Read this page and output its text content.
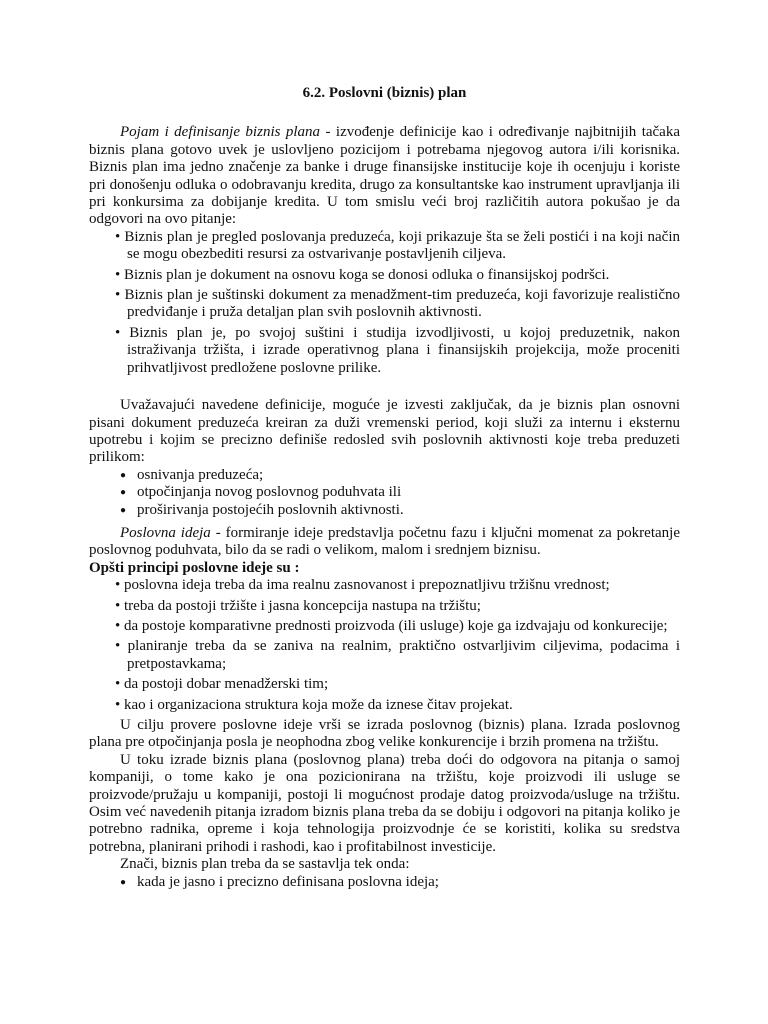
6.2. Poslovni (biznis) plan

Pojam i definisanje biznis plana - izvođenje definicije kao i određivanje najbitnijih tačaka biznis plana gotovo uvek je uslovljeno pozicijom i potrebama njegovog autora i/ili korisnika. Biznis plan ima jedno značenje za banke i druge finansijske institucije koje ih ocenjuju i koriste pri donošenju odluka o odobravanju kredita, drugo za konsultantske kao instrument upravljanja ili pri konkursima za dobijanje kredita. U tom smislu veći broj različitih autora pokušao je da odgovori na ovo pitanje:

• Biznis plan je pregled poslovanja preduzeća, koji prikazuje šta se želi postići i na koji način se mogu obezbediti resursi za ostvarivanje postavljenih ciljeva.
• Biznis plan je dokument na osnovu koga se donosi odluka o finansijskoj podršci.
• Biznis plan je suštinski dokument za menadžment-tim preduzeća, koji favorizuje realistično predviđanje i pruža detaljan plan svih poslovnih aktivnosti.
• Biznis plan je, po svojoj suštini i studija izvodljivosti, u kojoj preduzetnik, nakon istraživanja tržišta, i izrade operativnog plana i finansijskih projekcija, može proceniti prihvatljivost predložene poslovne prilike.

Uvažavajući navedene definicije, moguće je izvesti zaključak, da je biznis plan osnovni pisani dokument preduzeća kreiran za duži vremenski period, koji služi za internu i eksternu upotrebu i kojim se precizno definiše redosled svih poslovnih aktivnosti koje treba preduzeti prilikom:

● osnivanja preduzeća;
● otpočinjanja novog poslovnog poduhvata ili
● proširivanja postojećih poslovnih aktivnosti.

Poslovna ideja - formiranje ideje predstavlja početnu fazu i ključni momenat za pokretanje poslovnog poduhvata, bilo da se radi o velikom, malom i srednjem biznisu.

Opšti principi poslovne ideje su :

• poslovna ideja treba da ima realnu zasnovanost i prepoznatljivu tržišnu vrednost;
• treba da postoji tržište i jasna koncepcija nastupa na tržištu;
• da postoje komparativne prednosti proizvoda (ili usluge) koje ga izdvajaju od konkurecije;
• planiranje treba da se zaniva na realnim, praktično ostvarljivim ciljevima, podacima i pretpostavkama;
• da postoji dobar menadžerski tim;
• kao i organizaciona struktura koja može da iznese čitav projekat.

U cilju provere poslovne ideje vrši se izrada poslovnog (biznis) plana. Izrada poslovnog plana pre otpočinjanja posla je neophodna zbog velike konkurencije i brzih promena na tržištu.

U toku izrade biznis plana (poslovnog plana) treba doći do odgovora na pitanja o samoj kompaniji, o tome kako je ona pozicionirana na tržištu, koje proizvodi ili usluge se proizvode/pružaju u kompaniji, postoji li mogućnost prodaje datog proizvoda/usluge na tržištu. Osim već navedenih pitanja izradom biznis plana treba da se dobiju i odgovori na pitanja koliko je potrebno radnika, opreme i koja tehnologija proizvodnje će se koristiti, kolika su sredstva potrebna, planirani prihodi i rashodi, kao i profitabilnost investicije.

Znači, biznis plan treba da se sastavlja tek onda:

● kada je jasno i precizno definisana poslovna ideja;
